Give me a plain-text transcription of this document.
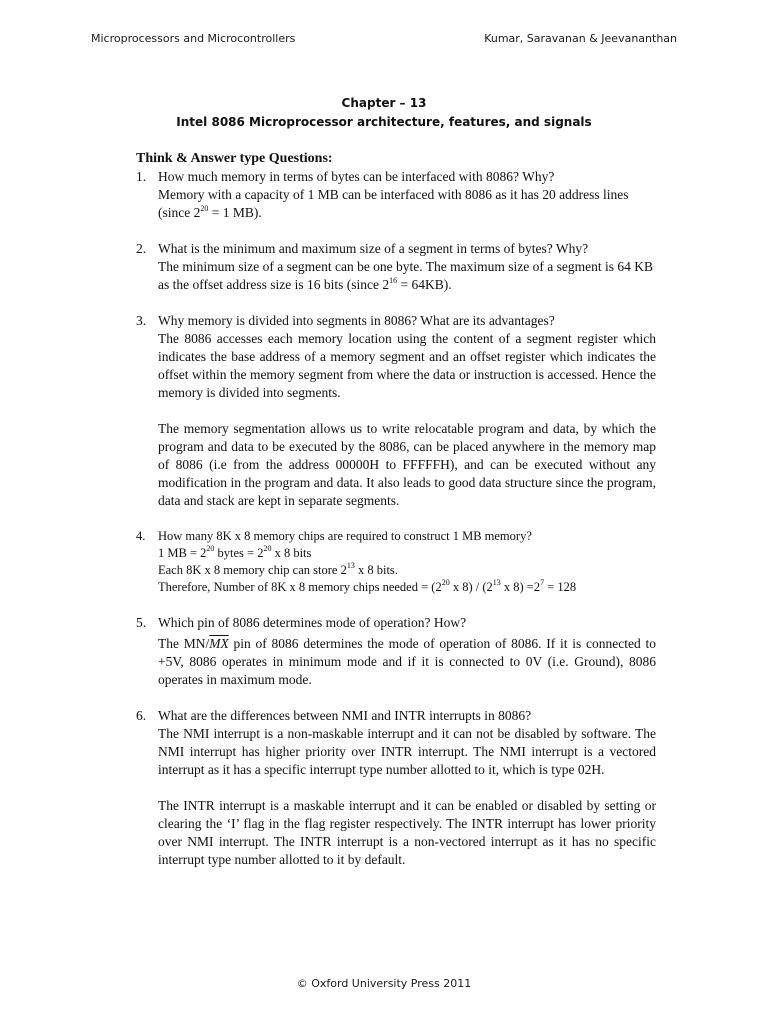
Microprocessors and Microcontrollers	Kumar, Saravanan & Jeevananthan
Chapter – 13
Intel 8086 Microprocessor architecture, features, and signals
Think & Answer type Questions:
1. How much memory in terms of bytes can be interfaced with 8086? Why?
Memory with a capacity of 1 MB can be interfaced with 8086 as it has 20 address lines (since $2^{20} = 1$ MB).
2. What is the minimum and maximum size of a segment in terms of bytes? Why?
The minimum size of a segment can be one byte. The maximum size of a segment is 64 KB as the offset address size is 16 bits (since $2^{16} = 64KB$).
3. Why memory is divided into segments in 8086? What are its advantages?
The 8086 accesses each memory location using the content of a segment register which indicates the base address of a memory segment and an offset register which indicates the offset within the memory segment from where the data or instruction is accessed. Hence the memory is divided into segments.
The memory segmentation allows us to write relocatable program and data, by which the program and data to be executed by the 8086, can be placed anywhere in the memory map of 8086 (i.e from the address 00000H to FFFFFH), and can be executed without any modification in the program and data. It also leads to good data structure since the program, data and stack are kept in separate segments.
4. How many 8K x 8 memory chips are required to construct 1 MB memory?
1 MB = $2^{20}$ bytes = $2^{20}$ x 8 bits
Each 8K x 8 memory chip can store $2^{13}$ x 8 bits.
Therefore, Number of 8K x 8 memory chips needed = ($2^{20}$ x $8) / (2^{13}$ x $8) =2^7 = 128$
5. Which pin of 8086 determines mode of operation? How?
The $MN/\overline{MX}$ pin of 8086 determines the mode of operation of 8086. If it is connected to +5V, 8086 operates in minimum mode and if it is connected to 0V (i.e. Ground), 8086 operates in maximum mode.
6. What are the differences between NMI and INTR interrupts in 8086?
The NMI interrupt is a non-maskable interrupt and it can not be disabled by software. The NMI interrupt has higher priority over INTR interrupt. The NMI interrupt is a vectored interrupt as it has a specific interrupt type number allotted to it, which is type 02H.
The INTR interrupt is a maskable interrupt and it can be enabled or disabled by setting or clearing the ‘I’ flag in the flag register respectively. The INTR interrupt has lower priority over NMI interrupt. The INTR interrupt is a non-vectored interrupt as it has no specific interrupt type number allotted to it by default.
© Oxford University Press 2011
